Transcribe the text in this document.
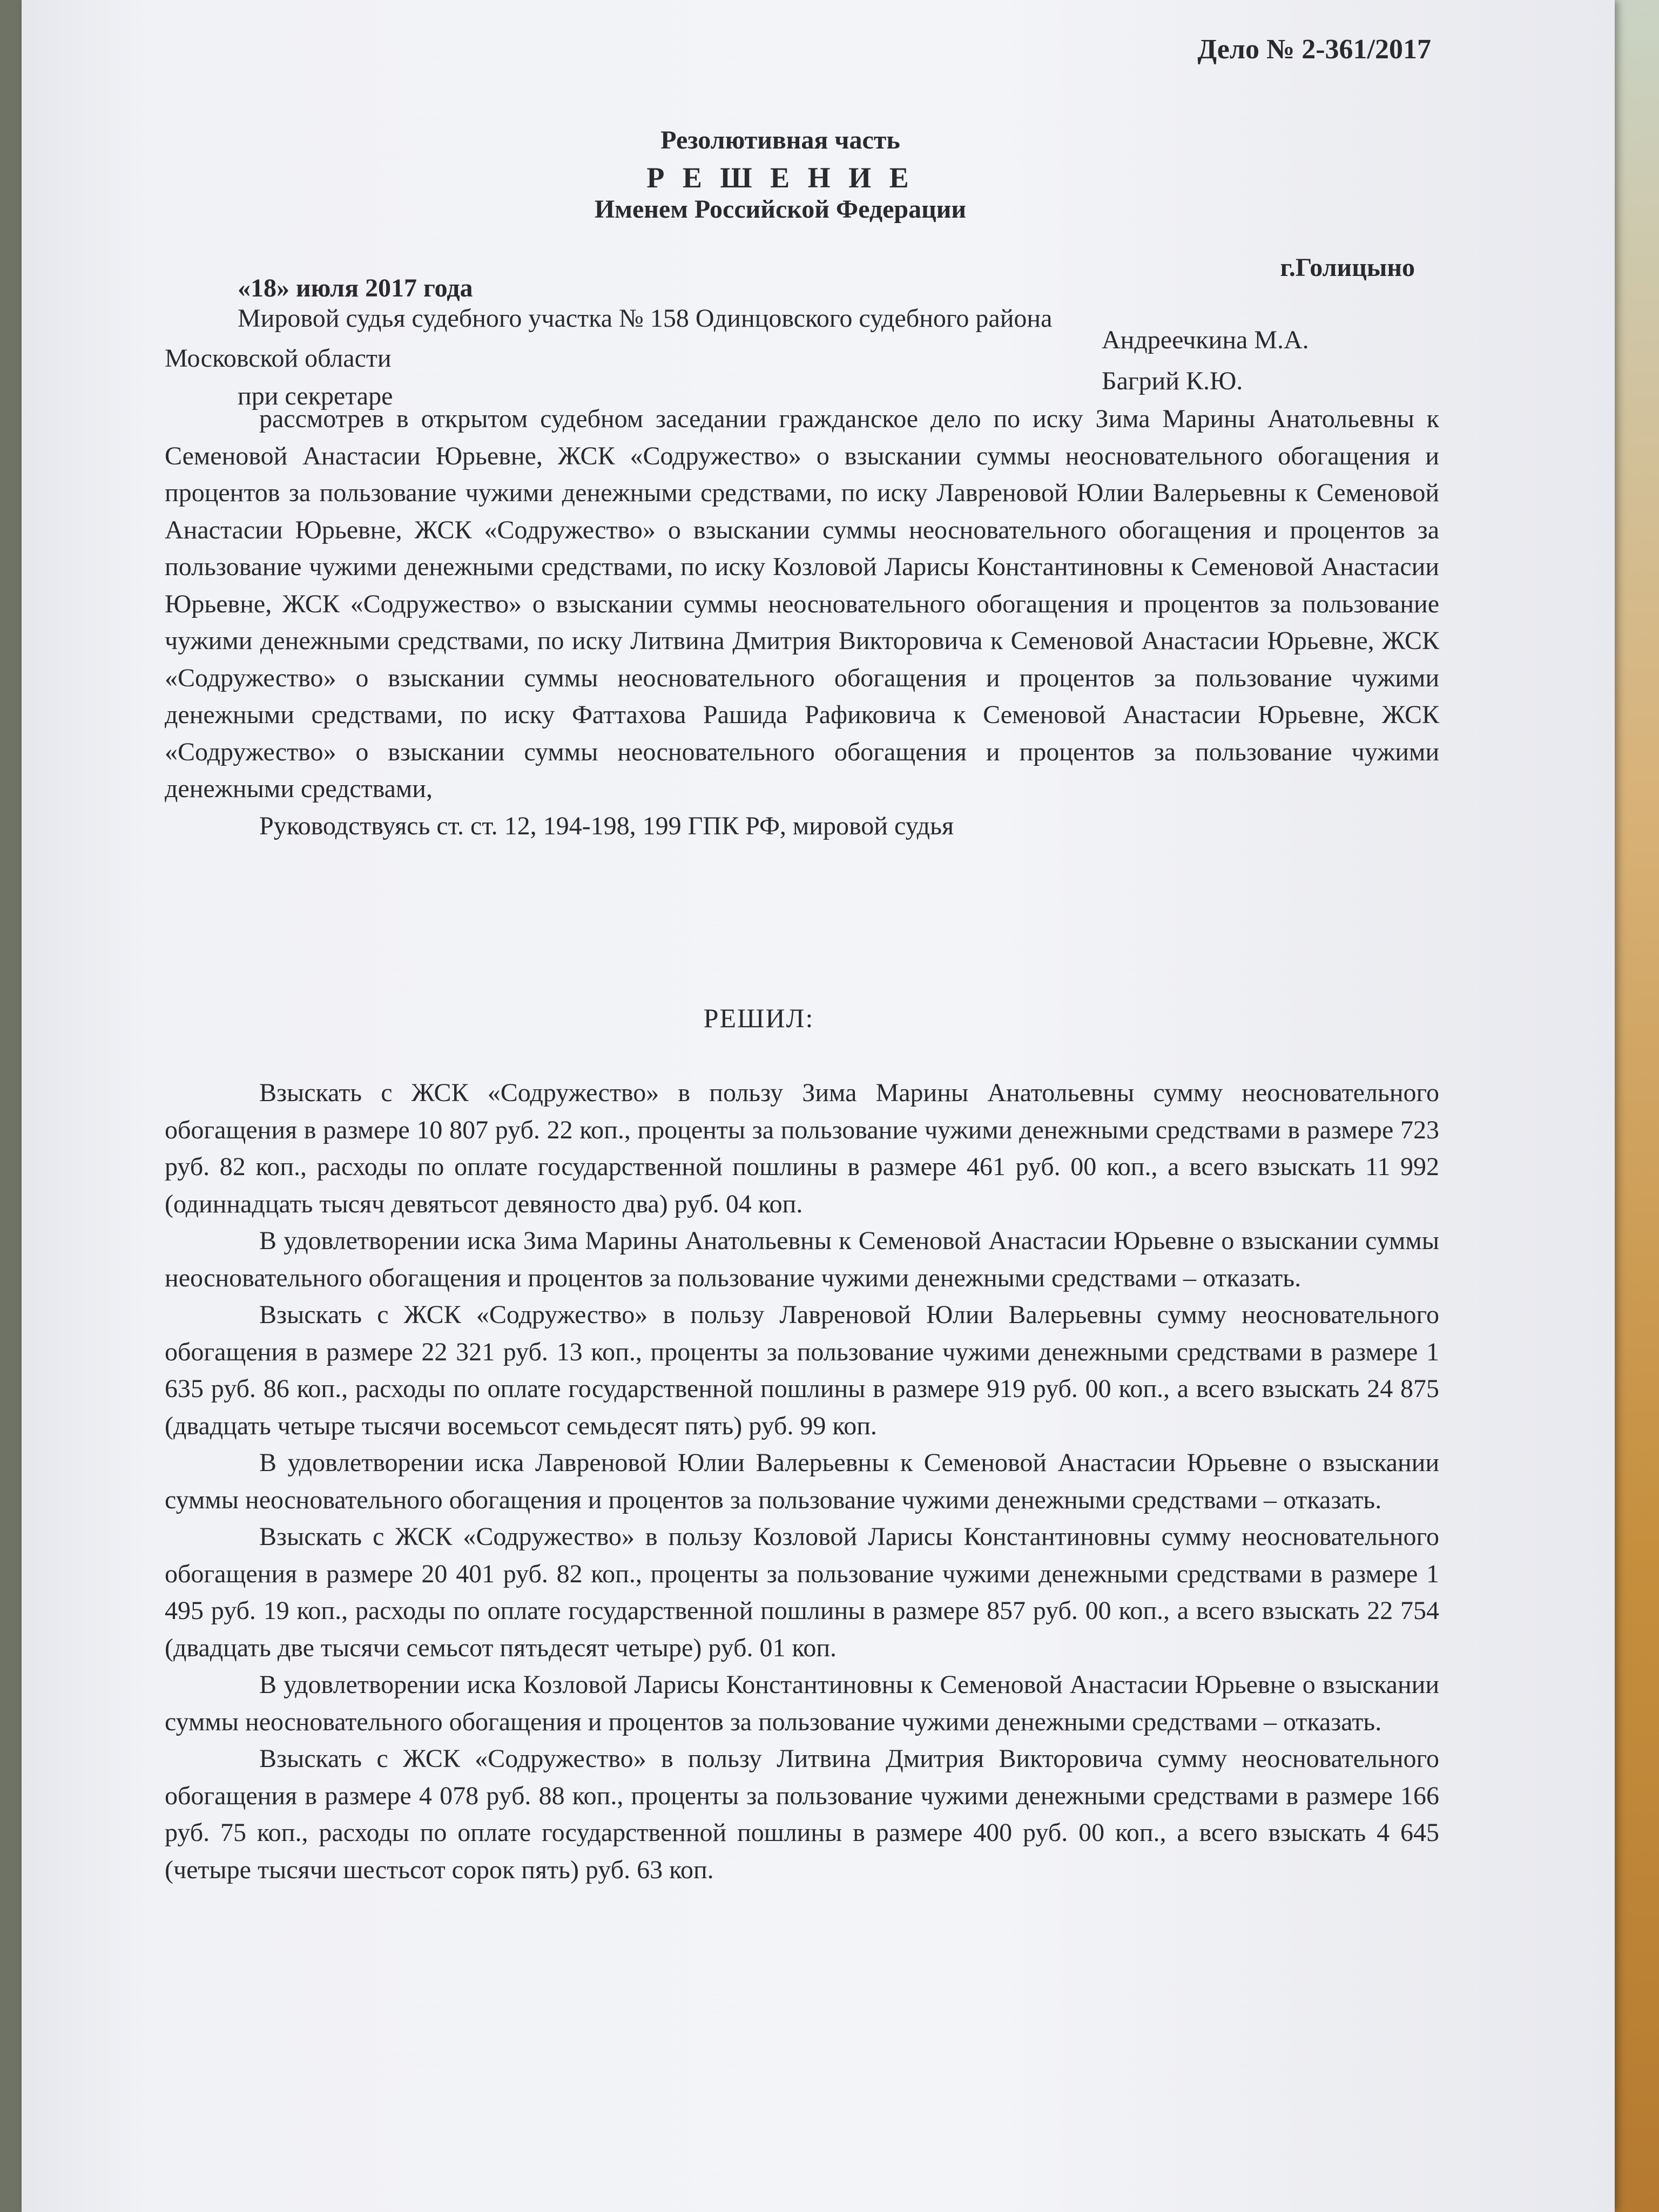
Дело № 2-361/2017
Резолютивная часть
Р Е Ш Е Н И Е
Именем Российской Федерации
г.Голицыно
«18» июля 2017 года
Мировой судья судебного участка № 158 Одинцовского судебного района
Московской области
Андреечкина М.А.
при секретаре
Багрий К.Ю.

рассмотрев в открытом судебном заседании гражданское дело по иску Зима Марины Анатольевны к Семеновой Анастасии Юрьевне, ЖСК «Содружество» о взыскании суммы неосновательного обогащения и процентов за пользование чужими денежными средствами, по иску Лавреновой Юлии Валерьевны к Семеновой Анастасии Юрьевне, ЖСК «Содружество» о взыскании суммы неосновательного обогащения и процентов за пользование чужими денежными средствами, по иску Козловой Ларисы Константиновны к Семеновой Анастасии Юрьевне, ЖСК «Содружество» о взыскании суммы неосновательного обогащения и процентов за пользование чужими денежными средствами, по иску Литвина Дмитрия Викторовича к Семеновой Анастасии Юрьевне, ЖСК «Содружество» о взыскании суммы неосновательного обогащения и процентов за пользование чужими денежными средствами, по иску Фаттахова Рашида Рафиковича к Семеновой Анастасии Юрьевне, ЖСК «Содружество» о взыскании суммы неосновательного обогащения и процентов за пользование чужими денежными средствами,

Руководствуясь ст. ст. 12, 194-198, 199 ГПК РФ, мировой судья

РЕШИЛ:

Взыскать с ЖСК «Содружество» в пользу Зима Марины Анатольевны сумму неосновательного обогащения в размере 10 807 руб. 22 коп., проценты за пользование чужими денежными средствами в размере 723 руб. 82 коп., расходы по оплате государственной пошлины в размере 461 руб. 00 коп., а всего взыскать 11 992 (одиннадцать тысяч девятьсот девяносто два) руб. 04 коп.

В удовлетворении иска Зима Марины Анатольевны к Семеновой Анастасии Юрьевне о взыскании суммы неосновательного обогащения и процентов за пользование чужими денежными средствами – отказать.

Взыскать с ЖСК «Содружество» в пользу Лавреновой Юлии Валерьевны сумму неосновательного обогащения в размере 22 321 руб. 13 коп., проценты за пользование чужими денежными средствами в размере 1 635 руб. 86 коп., расходы по оплате государственной пошлины в размере 919 руб. 00 коп., а всего взыскать 24 875 (двадцать четыре тысячи восемьсот семьдесят пять) руб. 99 коп.

В удовлетворении иска Лавреновой Юлии Валерьевны к Семеновой Анастасии Юрьевне о взыскании суммы неосновательного обогащения и процентов за пользование чужими денежными средствами – отказать.

Взыскать с ЖСК «Содружество» в пользу Козловой Ларисы Константиновны сумму неосновательного обогащения в размере 20 401 руб. 82 коп., проценты за пользование чужими денежными средствами в размере 1 495 руб. 19 коп., расходы по оплате государственной пошлины в размере 857 руб. 00 коп., а всего взыскать 22 754 (двадцать две тысячи семьсот пятьдесят четыре) руб. 01 коп.

В удовлетворении иска Козловой Ларисы Константиновны к Семеновой Анастасии Юрьевне о взыскании суммы неосновательного обогащения и процентов за пользование чужими денежными средствами – отказать.

Взыскать с ЖСК «Содружество» в пользу Литвина Дмитрия Викторовича сумму неосновательного обогащения в размере 4 078 руб. 88 коп., проценты за пользование чужими денежными средствами в размере 166 руб. 75 коп., расходы по оплате государственной пошлины в размере 400 руб. 00 коп., а всего взыскать 4 645 (четыре тысячи шестьсот сорок пять) руб. 63 коп.
